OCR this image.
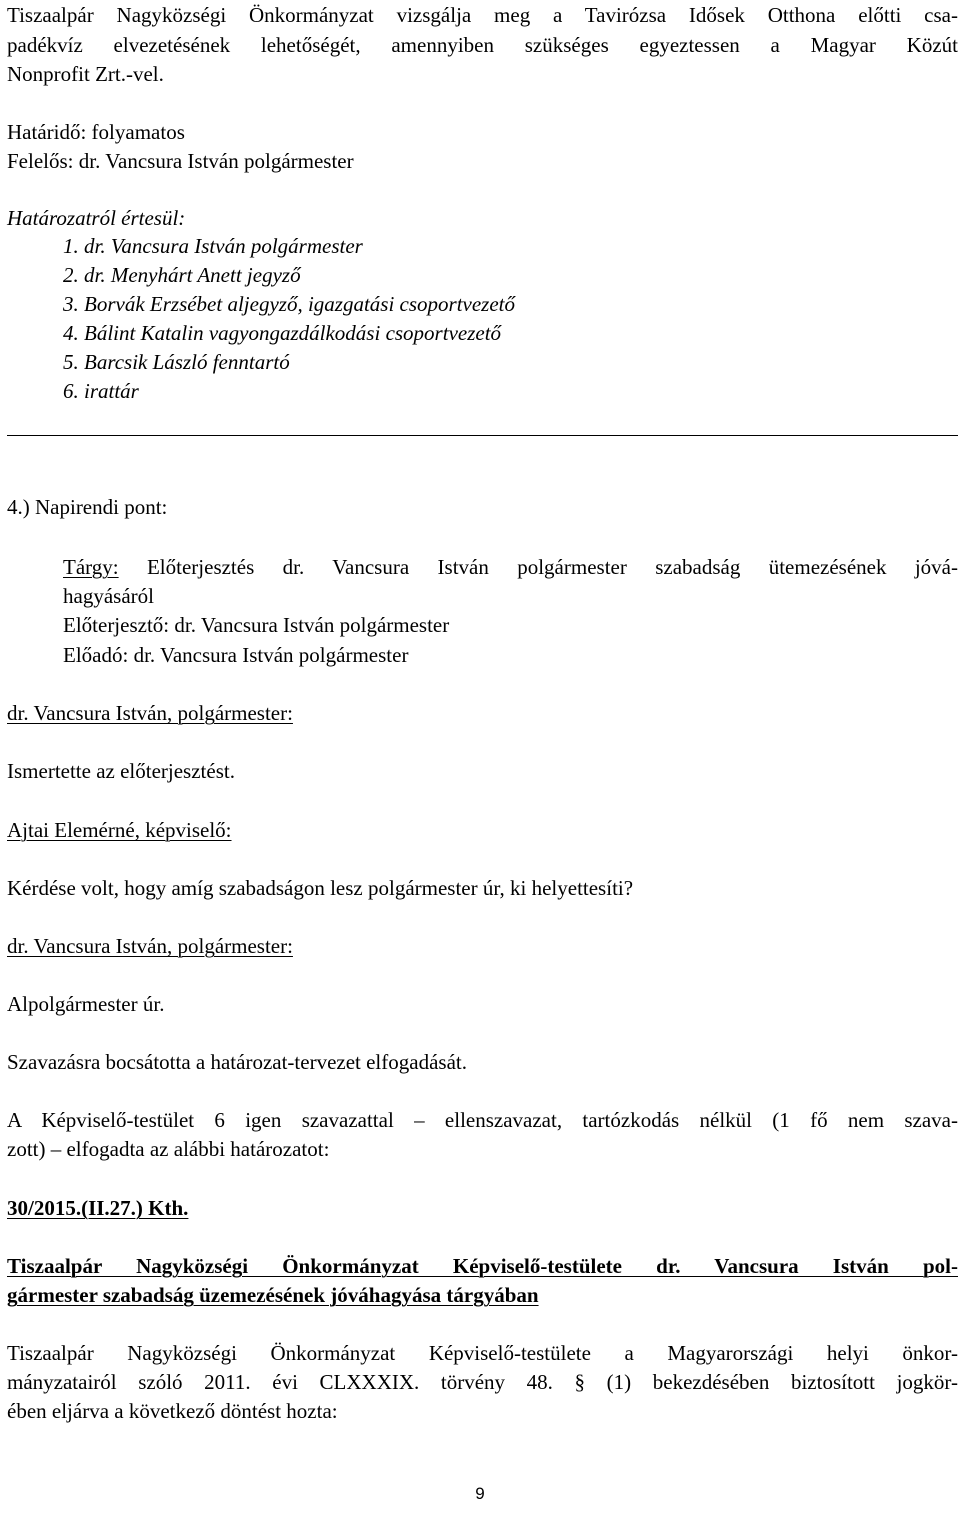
Tiszaalpár Nagyközségi Önkormányzat vizsgálja meg a Tavirózsa Idősek Otthona előtti csa-

padékvíz elvezetésének lehetőségét, amennyiben szükséges egyeztessen a Magyar Közút

Nonprofit Zrt.-vel.

Határidő: folyamatos

Felelős: dr. Vancsura István polgármester

Határozatról értesül:

1. dr. Vancsura István polgármester

2. dr. Menyhárt Anett jegyző

3. Borvák Erzsébet aljegyző, igazgatási csoportvezető

4. Bálint Katalin vagyongazdálkodási csoportvezető

5. Barcsik László fenntartó

6. irattár

4.) Napirendi pont:

Tárgy: Előterjesztés dr. Vancsura István polgármester szabadság ütemezésének jóvá-

hagyásáról

Előterjesztő: dr. Vancsura István polgármester

Előadó: dr. Vancsura István polgármester

dr. Vancsura István, polgármester:

Ismertette az előterjesztést.

Ajtai Elemérné, képviselő:

Kérdése volt, hogy amíg szabadságon lesz polgármester úr, ki helyettesíti?

dr. Vancsura István, polgármester:

Alpolgármester úr.

Szavazásra bocsátotta a határozat-tervezet elfogadását.

A Képviselő-testület 6 igen szavazattal – ellenszavazat, tartózkodás nélkül (1 fő nem szava-

zott) – elfogadta az alábbi határozatot:

30/2015.(II.27.) Kth.

Tiszaalpár Nagyközségi Önkormányzat Képviselő-testülete dr. Vancsura István pol-

gármester szabadság üzemezésének jóváhagyása tárgyában

Tiszaalpár Nagyközségi Önkormányzat Képviselő-testülete a Magyarországi helyi önkor-

mányzatairól szóló 2011. évi CLXXXIX. törvény 48. § (1) bekezdésében biztosított jogkör-

ében eljárva a következő döntést hozta:

9
